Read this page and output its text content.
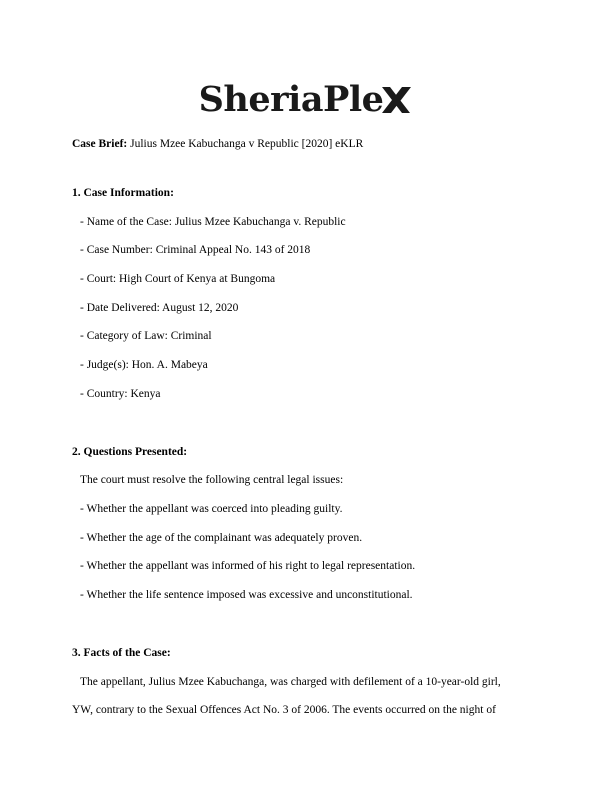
SheriaPle
Case Brief: Julius Mzee Kabuchanga v Republic [2020] eKLR
1. Case Information:
- Name of the Case: Julius Mzee Kabuchanga v. Republic
- Case Number: Criminal Appeal No. 143 of 2018
- Court: High Court of Kenya at Bungoma
- Date Delivered: August 12, 2020
- Category of Law: Criminal
- Judge(s): Hon. A. Mabeya
- Country: Kenya
2. Questions Presented:
The court must resolve the following central legal issues:
- Whether the appellant was coerced into pleading guilty.
- Whether the age of the complainant was adequately proven.
- Whether the appellant was informed of his right to legal representation.
- Whether the life sentence imposed was excessive and unconstitutional.
3. Facts of the Case:
The appellant, Julius Mzee Kabuchanga, was charged with defilement of a 10-year-old girl,
YW, contrary to the Sexual Offences Act No. 3 of 2006. The events occurred on the night of
